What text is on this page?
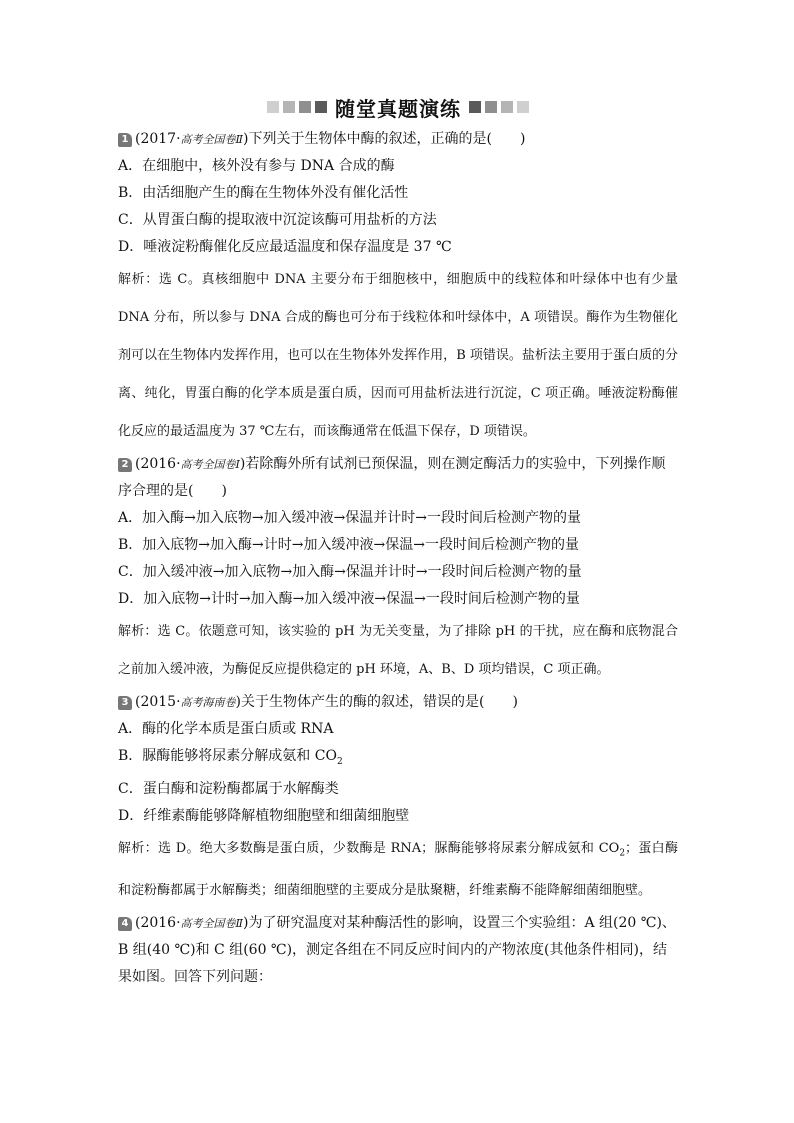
随堂真题演练
1 (2017·高考全国卷Ⅱ)下列关于生物体中酶的叙述，正确的是(　　)
A．在细胞中，核外没有参与 DNA 合成的酶
B．由活细胞产生的酶在生物体外没有催化活性
C．从胃蛋白酶的提取液中沉淀该酶可用盐析的方法
D．唾液淀粉酶催化反应最适温度和保存温度是 37 ℃
解析：选 C。真核细胞中 DNA 主要分布于细胞核中，细胞质中的线粒体和叶绿体中也有少量 DNA 分布，所以参与 DNA 合成的酶也可分布于线粒体和叶绿体中，A 项错误。酶作为生物催化剂可以在生物体内发挥作用，也可以在生物体外发挥作用，B 项错误。盐析法主要用于蛋白质的分离、纯化，胃蛋白酶的化学本质是蛋白质，因而可用盐析法进行沉淀，C 项正确。唾液淀粉酶催化反应的最适温度为 37 ℃左右，而该酶通常在低温下保存，D 项错误。
2 (2016·高考全国卷Ⅰ)若除酶外所有试剂已预保温，则在测定酶活力的实验中，下列操作顺序合理的是(　　)
A．加入酶→加入底物→加入缓冲液→保温并计时→一段时间后检测产物的量
B．加入底物→加入酶→计时→加入缓冲液→保温→一段时间后检测产物的量
C．加入缓冲液→加入底物→加入酶→保温并计时→一段时间后检测产物的量
D．加入底物→计时→加入酶→加入缓冲液→保温→一段时间后检测产物的量
解析：选 C。依题意可知，该实验的 pH 为无关变量，为了排除 pH 的干扰，应在酶和底物混合之前加入缓冲液，为酶促反应提供稳定的 pH 环境，A、B、D 项均错误，C 项正确。
3 (2015·高考海南卷)关于生物体产生的酶的叙述，错误的是(　　)
A．酶的化学本质是蛋白质或 RNA
B．脲酶能够将尿素分解成氨和 $CO_2$
C．蛋白酶和淀粉酶都属于水解酶类
D．纤维素酶能够降解植物细胞壁和细菌细胞壁
解析：选 D。绝大多数酶是蛋白质，少数酶是 RNA；脲酶能够将尿素分解成氨和 $CO_2$；蛋白酶和淀粉酶都属于水解酶类；细菌细胞壁的主要成分是肽聚糖，纤维素酶不能降解细菌细胞壁。
4 (2016·高考全国卷Ⅱ)为了研究温度对某种酶活性的影响，设置三个实验组：A 组(20 ℃)、B 组(40 ℃)和 C 组(60 ℃)，测定各组在不同反应时间内的产物浓度(其他条件相同)，结果如图。回答下列问题：
